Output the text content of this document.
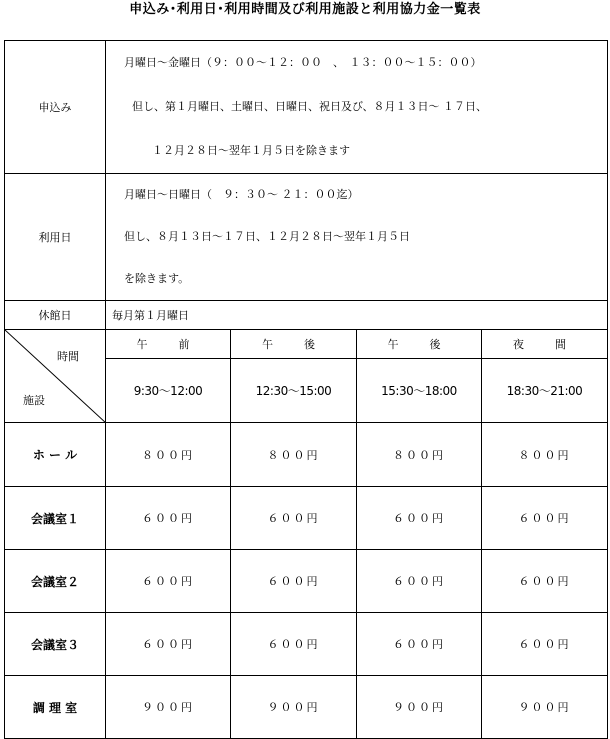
申込み･利用日･利用時間及び利用施設と利用協力金一覧表
申込み	月曜日～金曜日（９：００～１２：００　、　１３：００～１５：００）

但し、第１月曜日、土曜日、日曜日、祝日及び、８月１３日～ １７日、

１２月２８日～翌年１月５日を除きます			

利用日	月曜日～日曜日（　９：３０～ ２１：００迄）

但し、８月１３日～１７日、１２月２８日～翌年１月５日

を除きます。			

休館日	毎月第１月曜日			

時間
施設	午　前	午　後	午　後	夜　間
	9:30～12:00	12:30～15:00	15:30～18:00	18:30～21:00
ホ ー ル	８００円	８００円	８００円	８００円
会議室１	６００円	６００円	６００円	６００円
会議室２	６００円	６００円	６００円	６００円
会議室３	６００円	６００円	６００円	６００円
調 理 室	９００円	９００円	９００円	９００円
